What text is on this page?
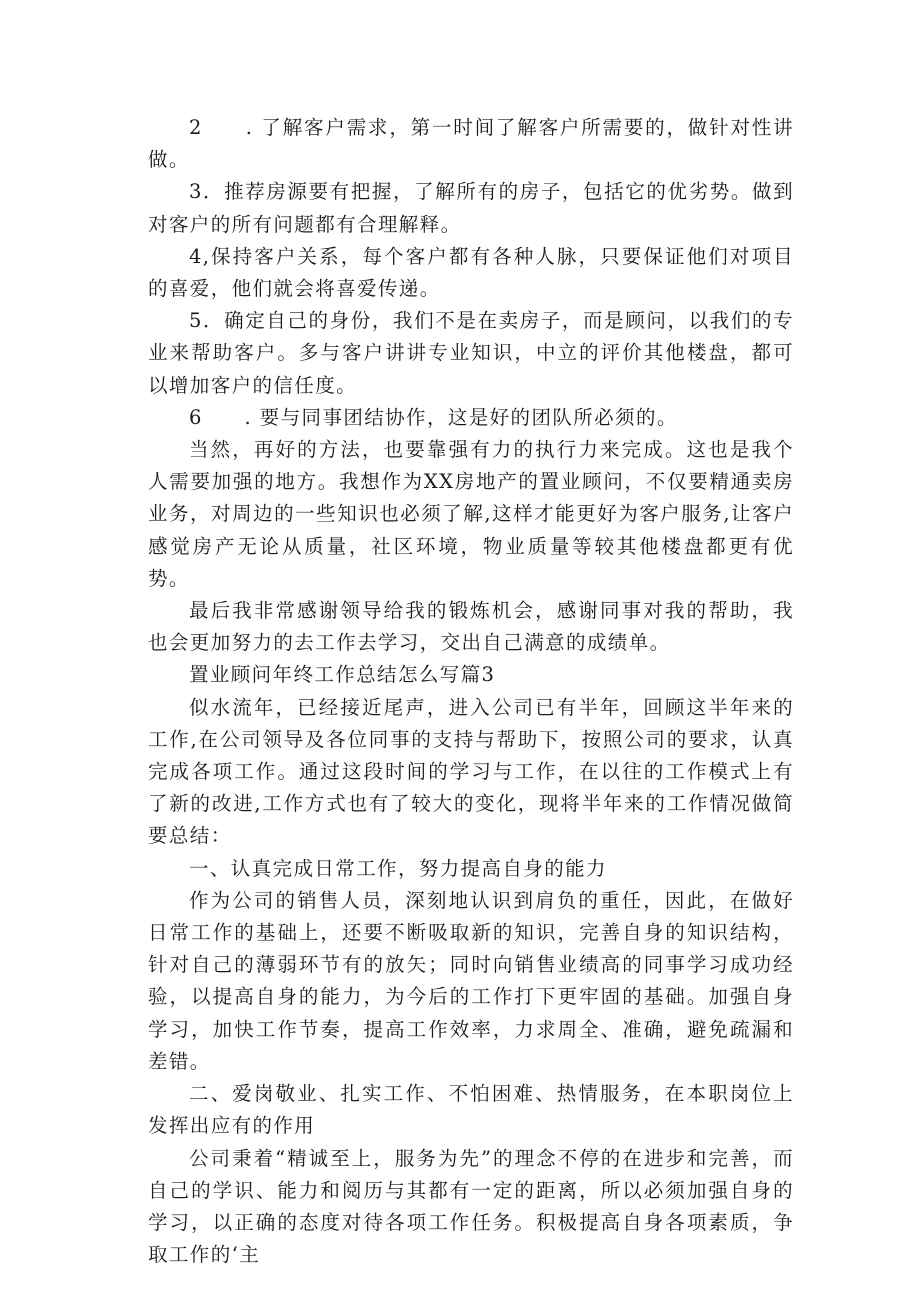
2　　. 了解客户需求，第一时间了解客户所需要的，做针对性讲做。

3．推荐房源要有把握，了解所有的房子，包括它的优劣势。做到对客户的所有问题都有合理解释。

4,保持客户关系，每个客户都有各种人脉，只要保证他们对项目的喜爱，他们就会将喜爱传递。

5．确定自己的身份，我们不是在卖房子，而是顾问，以我们的专业来帮助客户。多与客户讲讲专业知识，中立的评价其他楼盘，都可以增加客户的信任度。

6　　. 要与同事团结协作，这是好的团队所必须的。

当然，再好的方法，也要靠强有力的执行力来完成。这也是我个人需要加强的地方。我想作为XX房地产的置业顾问，不仅要精通卖房业务，对周边的一些知识也必须了解,这样才能更好为客户服务,让客户感觉房产无论从质量，社区环境，物业质量等较其他楼盘都更有优势。

最后我非常感谢领导给我的锻炼机会，感谢同事对我的帮助，我也会更加努力的去工作去学习，交出自己满意的成绩单。

置业顾问年终工作总结怎么写篇3

似水流年，已经接近尾声，进入公司已有半年，回顾这半年来的工作,在公司领导及各位同事的支持与帮助下，按照公司的要求，认真完成各项工作。通过这段时间的学习与工作，在以往的工作模式上有了新的改进,工作方式也有了较大的变化，现将半年来的工作情况做简要总结：

一、认真完成日常工作，努力提高自身的能力

作为公司的销售人员，深刻地认识到肩负的重任，因此，在做好日常工作的基础上，还要不断吸取新的知识，完善自身的知识结构，针对自己的薄弱环节有的放矢；同时向销售业绩高的同事学习成功经验，以提高自身的能力，为今后的工作打下更牢固的基础。加强自身学习，加快工作节奏，提高工作效率，力求周全、准确，避免疏漏和差错。

二、爱岗敬业、扎实工作、不怕困难、热情服务，在本职岗位上发挥出应有的作用

公司秉着“精诚至上，服务为先”的理念不停的在进步和完善，而自己的学识、能力和阅历与其都有一定的距离，所以必须加强自身的学习，以正确的态度对待各项工作任务。积极提高自身各项素质，争取工作的‘主
